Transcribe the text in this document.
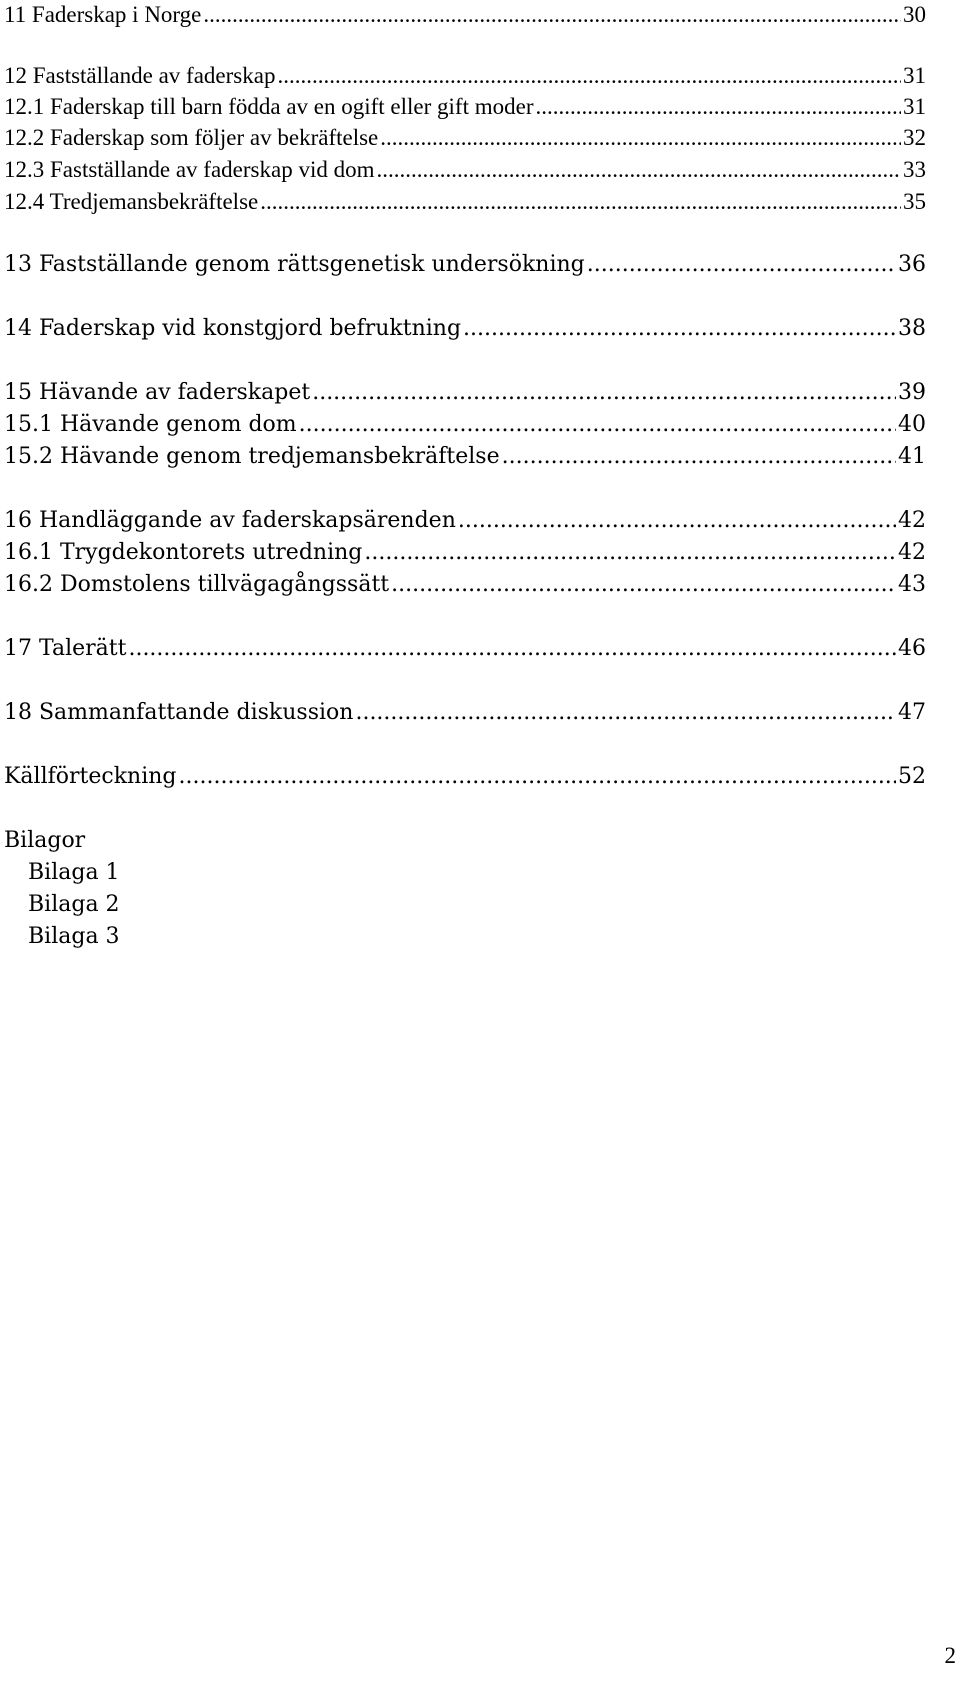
11 Faderskap i Norge .....	30
12 Fastställande av faderskap .....	31
12.1 Faderskap till barn födda av en ogift eller gift moder .....	31
12.2 Faderskap som följer av bekräftelse .....	32
12.3 Fastställande av faderskap vid dom .....	33
12.4 Tredjemansbekräftelse .....	35
13 Fastställande genom rättsgenetisk undersökning .....	36
14 Faderskap vid konstgjord befruktning .....	38
15 Hävande av faderskapet .....	39
15.1 Hävande genom dom .....	40
15.2 Hävande genom tredjemansbekräftelse .....	41
16 Handläggande av faderskapsärenden .....	42
16.1 Trygdekontorets utredning .....	42
16.2 Domstolens tillvägagångssätt .....	43
17 Talerätt .....	46
18 Sammanfattande diskussion .....	47
Källförteckning .....	52
Bilagor
Bilaga 1
Bilaga 2
Bilaga 3
2
